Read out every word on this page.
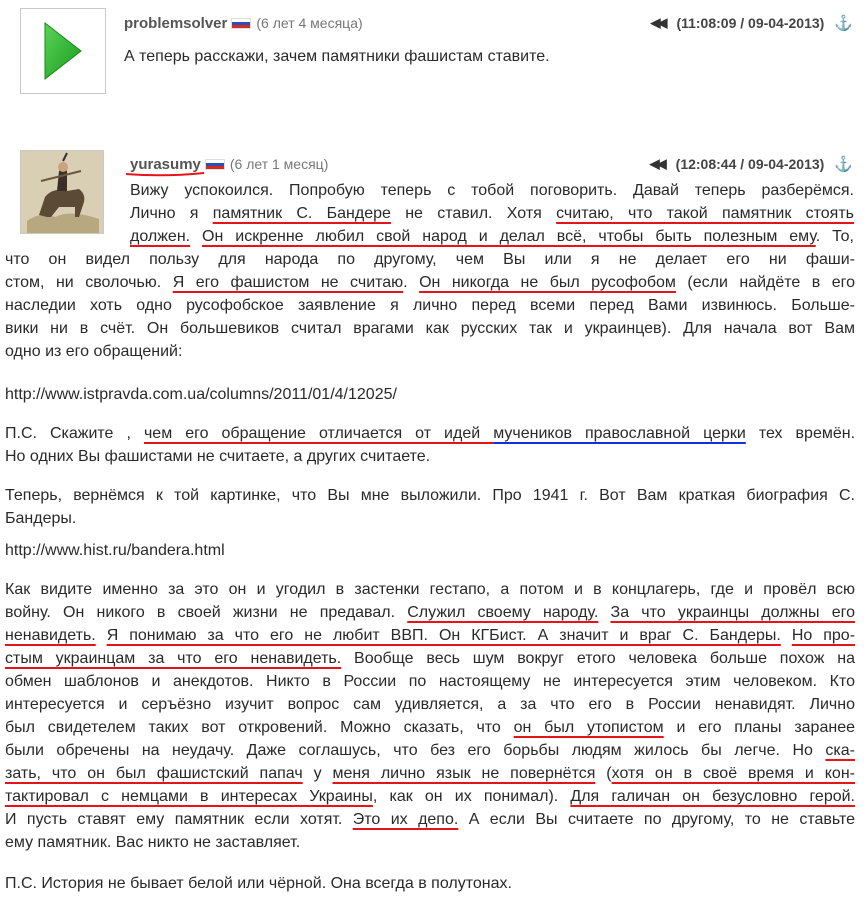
problemsolver (6 лет 4 месяца)	◀◀ (11:08:09 / 09-04-2013) ⚓
А теперь расскажи, зачем памятники фашистам ставите.
yurasumy (6 лет 1 месяц)	◀◀ (12:08:44 / 09-04-2013) ⚓
Вижу успокоился. Попробую теперь с тобой поговорить. Давай теперь разберёмся.
Лично я памятник С. Бандере не ставил. Хотя считаю, что такой памятник стоять
должен. Он искренне любил свой народ и делал всё, чтобы быть полезным ему. То,
что он видел пользу для народа по другому, чем Вы или я не делает его ни фаши-
стом, ни сволочью. Я его фашистом не считаю. Он никогда не был русофобом (если найдёте в его
наследии хоть одно русофобское заявление я лично перед всеми перед Вами извинюсь. Больше-
вики ни в счёт. Он большевиков считал врагами как русских так и украинцев). Для начала вот Вам
одно из его обращений:
http://www.istpravda.com.ua/columns/2011/01/4/12025/
П.С. Скажите , чем его обращение отличается от идей мучеников православной церки тех времён.
Но одних Вы фашистами не считаете, а других считаете.
Теперь, вернёмся к той картинке, что Вы мне выложили. Про 1941 г. Вот Вам краткая биография С.
Бандеры.
http://www.hist.ru/bandera.html
Как видите именно за это он и угодил в застенки гестапо, а потом и в концлагерь, где и провёл всю
войну. Он никого в своей жизни не предавал. Служил своему народу. За что украинцы должны его
ненавидеть. Я понимаю за что его не любит ВВП. Он КГБист. А значит и враг С. Бандеры. Но про-
стым украинцам за что его ненавидеть. Вообще весь шум вокруг етого человека больше похож на
обмен шаблонов и анекдотов. Никто в России по настоящему не интересуется этим человеком. Кто
интересуется и серъёзно изучит вопрос сам удивляется, а за что его в России ненавидят. Лично
был свидетелем таких вот откровений. Можно сказать, что он был утопистом и его планы заранее
были обречены на неудачу. Даже соглашусь, что без его борьбы людям жилось бы легче. Но ска-
зать, что он был фашистский папач у меня лично язык не повернётся (хотя он в своё время и кон-
тактировал с немцами в интересах Украины, как он их понимал). Для галичан он безусловно герой.
И пусть ставят ему памятник если хотят. Это их депо. А если Вы считаете по другому, то не ставьте
ему памятник. Вас никто не заставляет.
П.С. История не бывает белой или чёрной. Она всегда в полутонах.
